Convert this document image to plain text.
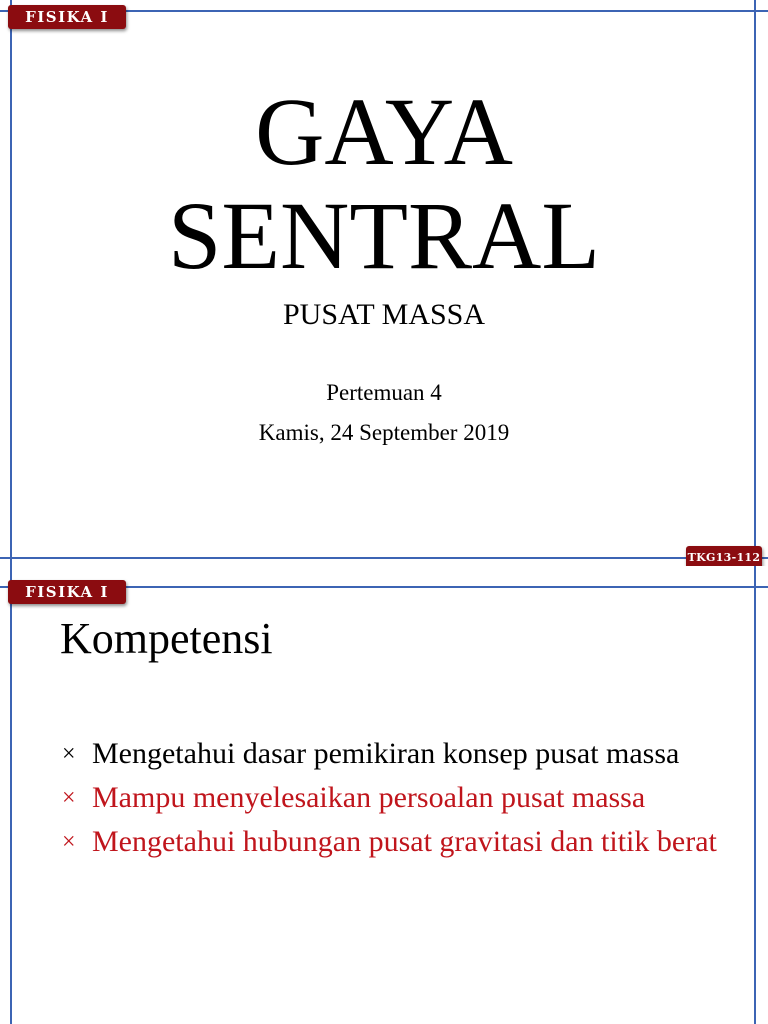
FISIKA I
GAYA
SENTRAL
PUSAT MASSA
Pertemuan 4
Kamis, 24 September 2019
TKG13-112
FISIKA I
Kompetensi
× Mengetahui dasar pemikiran konsep pusat massa
× Mampu menyelesaikan persoalan pusat massa
× Mengetahui hubungan pusat gravitasi dan titik berat
